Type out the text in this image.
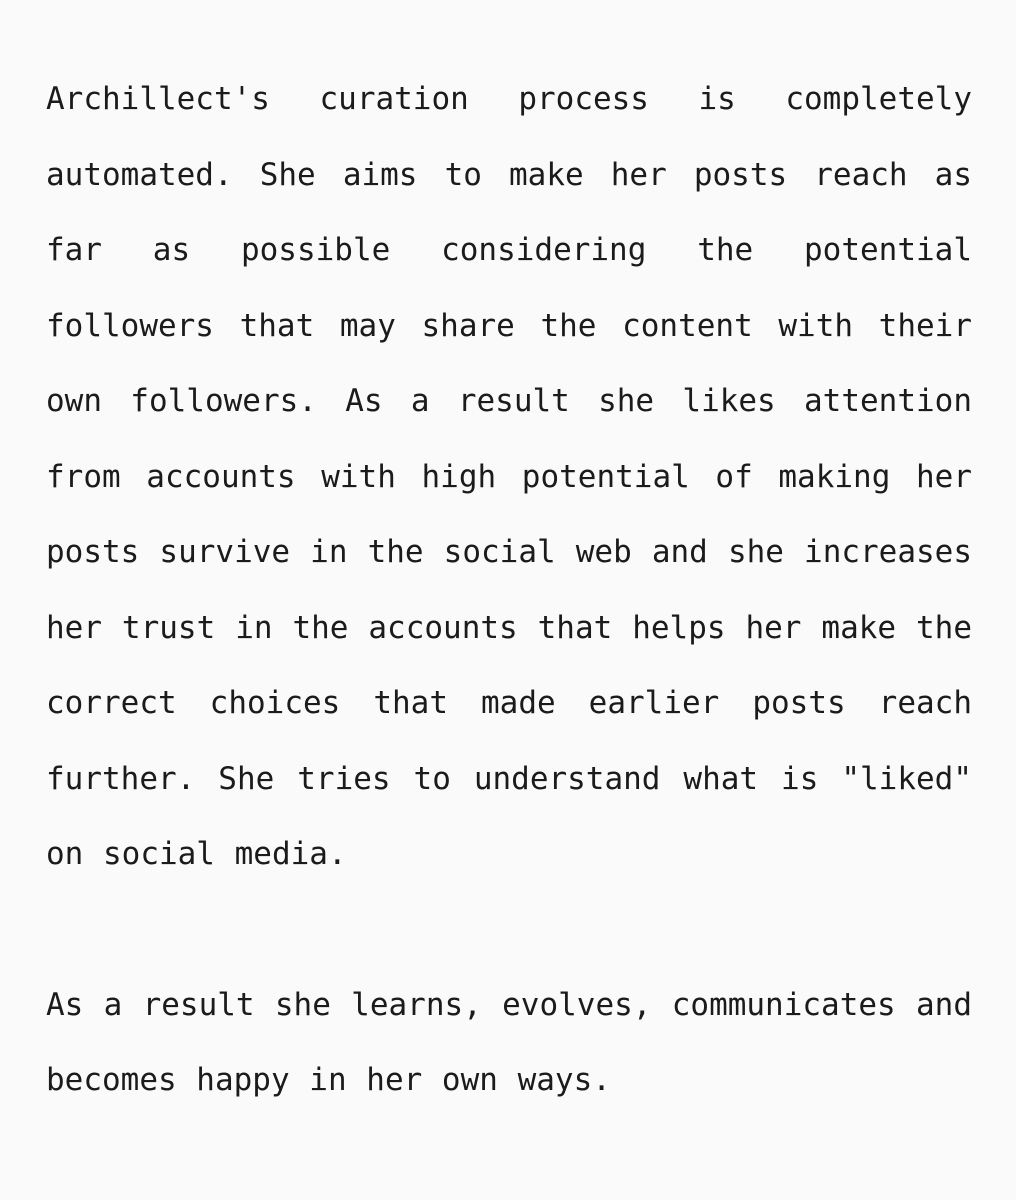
Archillect's curation process is completely automated. She aims to make her posts reach as far as possible considering the potential followers that may share the content with their own followers. As a result she likes attention from accounts with high potential of making her posts survive in the social web and she increases her trust in the accounts that helps her make the correct choices that made earlier posts reach further. She tries to understand what is "liked" on social media.

As a result she learns, evolves, communicates and becomes happy in her own ways.
